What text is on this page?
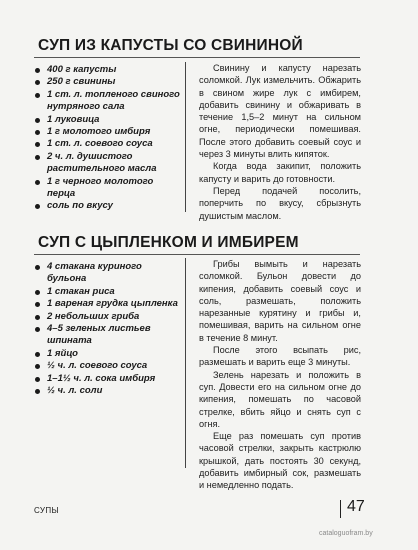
СУП ИЗ КАПУСТЫ СО СВИНИНОЙ
400 г капусты
250 г свинины
1 ст. л. топленого свиного нутряного сала
1 луковица
1 г молотого имбиря
1 ст. л. соевого соуса
2 ч. л. душистого растительного масла
1 г черного молотого перца
соль по вкусу

Свинину и капусту нарезать соломкой. Лук измельчить. Обжарить в свином жире лук с имбирем, добавить свинину и обжаривать в течение 1,5–2 минут на сильном огне, периодически помешивая. После этого добавить соевый соус и через 3 минуты влить кипяток.

Когда вода закипит, положить капусту и варить до готовности.

Перед подачей посолить, поперчить по вкусу, сбрызнуть душистым маслом.

СУП С ЦЫПЛЕНКОМ И ИМБИРЕМ
4 стакана куриного бульона
1 стакан риса
1 вареная грудка цыпленка
2 небольших гриба
4–5 зеленых листьев шпината
1 яйцо
½ ч. л. соевого соуса
1–1½ ч. л. сока имбиря
½ ч. л. соли

Грибы вымыть и нарезать соломкой. Бульон довести до кипения, добавить соевый соус и соль, размешать, положить нарезанные курятину и грибы и, помешивая, варить на сильном огне в течение 8 минут.

После этого всыпать рис, размешать и варить еще 3 минуты.

Зелень нарезать и положить в суп. Довести его на сильном огне до кипения, помешать по часовой стрелке, вбить яйцо и снять суп с огня.

Еще раз помешать суп против часовой стрелки, закрыть кастрюлю крышкой, дать постоять 30 секунд, добавить имбирный сок, размешать и немедленно подать.

СУПЫ	47
cataloguofram.by
